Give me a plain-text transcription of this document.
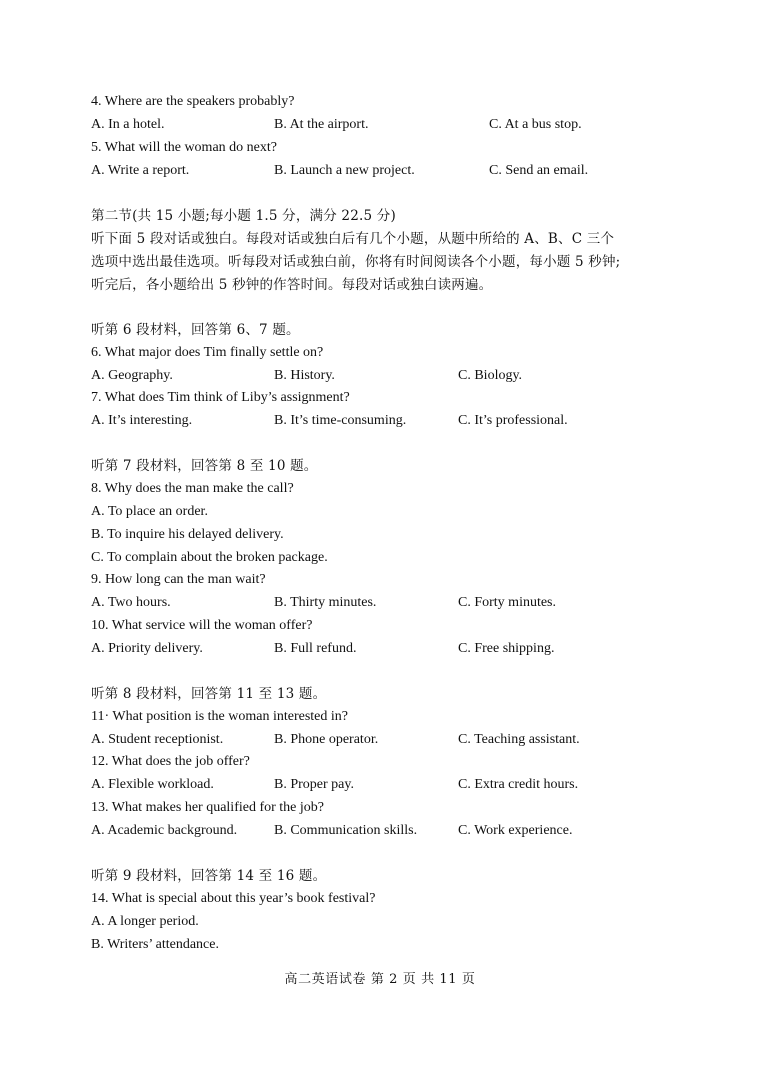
4. Where are the speakers probably?
A. In a hotel.	B. At the airport.	C. At a bus stop.
5. What will the woman do next?
A. Write a report.	B. Launch a new project.	C. Send an email.
第二节(共 15 小题;每小题 1.5 分，满分 22.5 分)
听下面 5 段对话或独白。每段对话或独白后有几个小题，从题中所给的 A、B、C 三个
选项中选出最佳选项。听每段对话或独白前，你将有时间阅读各个小题，每小题 5 秒钟;
听完后，各小题给出 5 秒钟的作答时间。每段对话或独白读两遍。
听第 6 段材料，回答第 6、7 题。
6. What major does Tim finally settle on?
A. Geography.	B. History.	C. Biology.
7. What does Tim think of Liby’s assignment?
A. It’s interesting.	B. It’s time-consuming.	C. It’s professional.
听第 7 段材料，回答第 8 至 10 题。
8. Why does the man make the call?
A. To place an order.
B. To inquire his delayed delivery.
C. To complain about the broken package.
9. How long can the man wait?
A. Two hours.	B. Thirty minutes.	C. Forty minutes.
10. What service will the woman offer?
A. Priority delivery.	B. Full refund.	C. Free shipping.
听第 8 段材料，回答第 11 至 13 题。
11· What position is the woman interested in?
A. Student receptionist.	B. Phone operator.	C. Teaching assistant.
12. What does the job offer?
A. Flexible workload.	B. Proper pay.	C. Extra credit hours.
13. What makes her qualified for the job?
A. Academic background.	B. Communication skills.	C. Work experience.
听第 9 段材料，回答第 14 至 16 题。
14. What is special about this year’s book festival?
A. A longer period.
B. Writers’ attendance.
高二英语试卷 第 2 页 共 11 页
